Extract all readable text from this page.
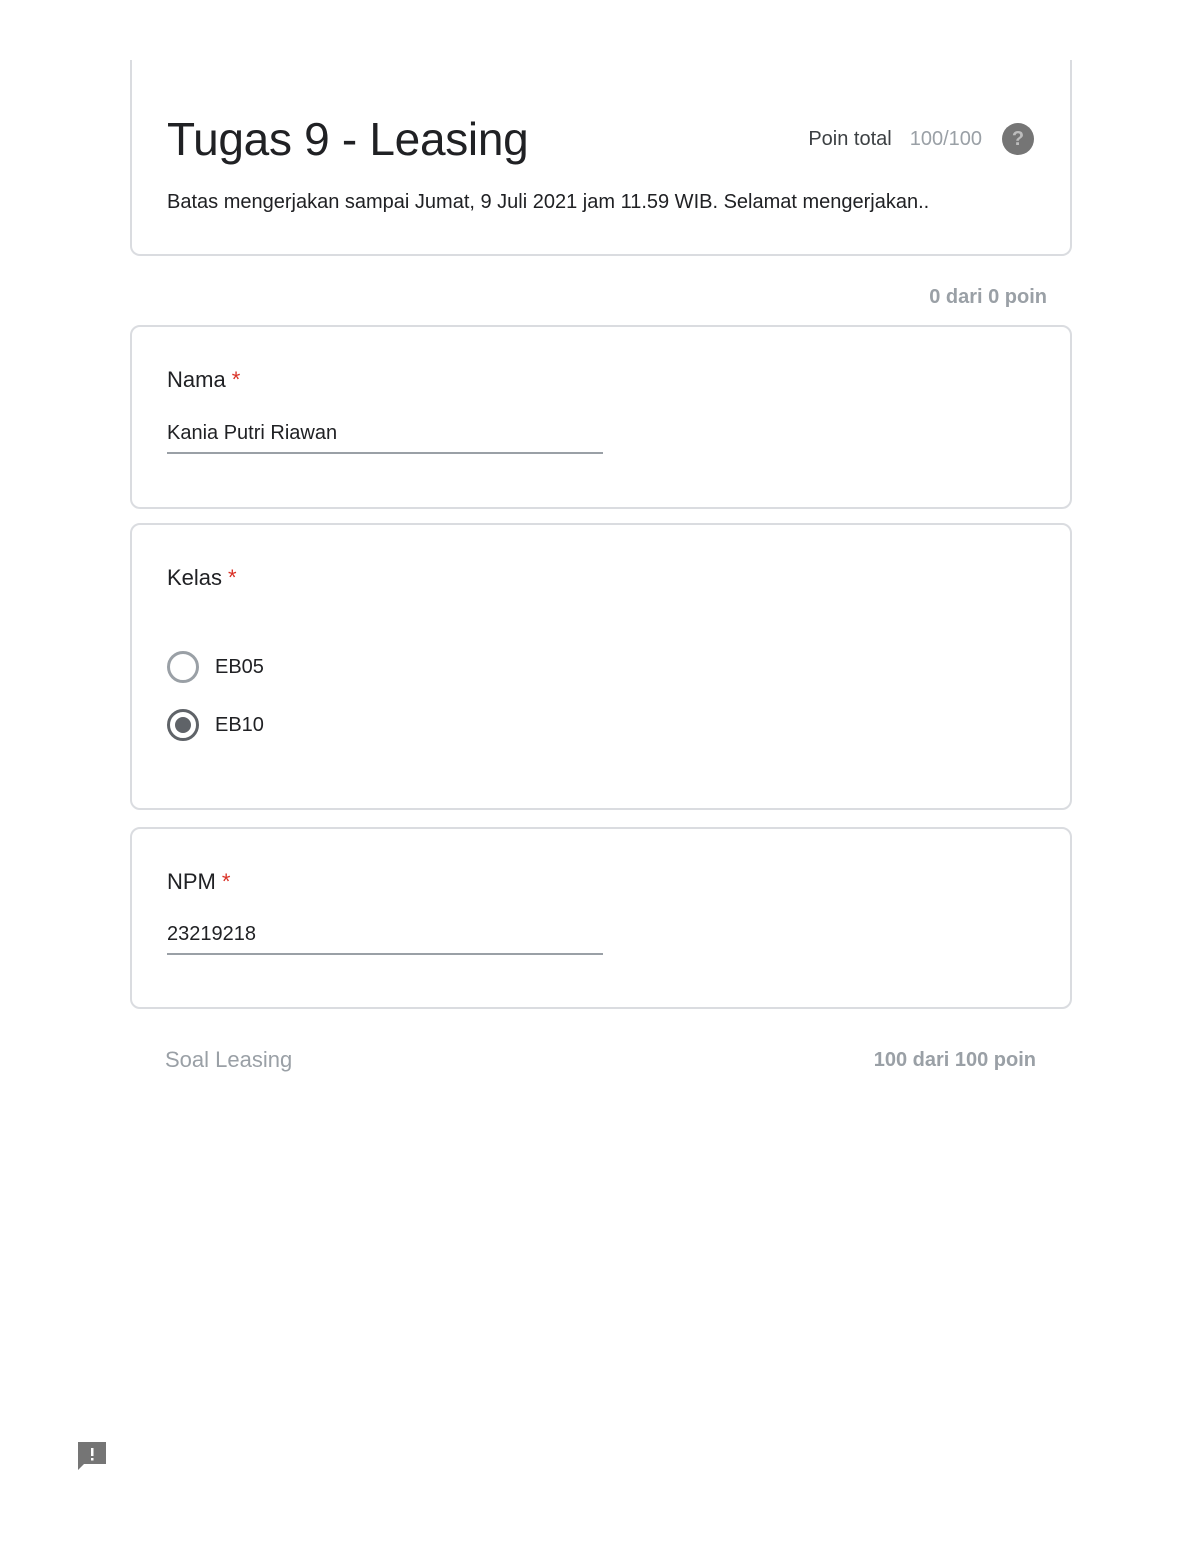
Tugas 9 - Leasing	Poin total 100/100	?
Batas mengerjakan sampai Jumat, 9 Juli 2021 jam 11.59 WIB. Selamat mengerjakan..
0 dari 0 poin
Nama *
Kania Putri Riawan
Kelas *
EB05
EB10
NPM *
23219218
Soal Leasing	100 dari 100 poin
